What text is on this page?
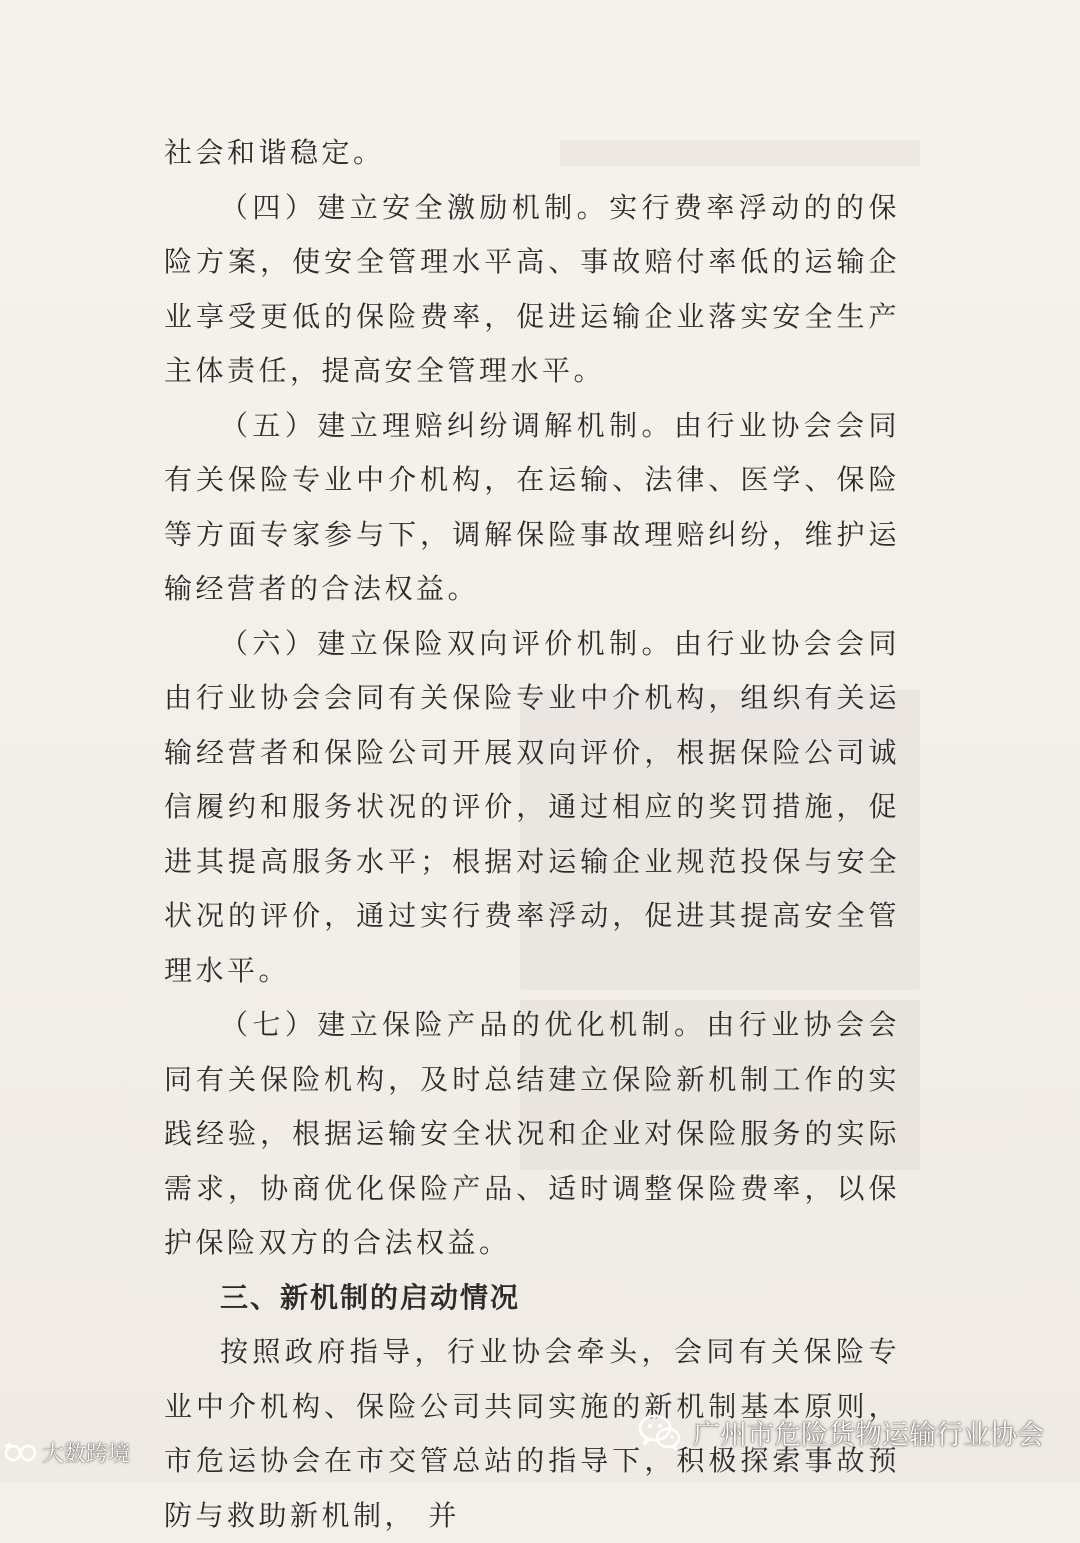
社会和谐稳定。

（四）建立安全激励机制。实行费率浮动的的保险方案，使安全管理水平高、事故赔付率低的运输企业享受更低的保险费率，促进运输企业落实安全生产主体责任，提高安全管理水平。

（五）建立理赔纠纷调解机制。由行业协会会同有关保险专业中介机构，在运输、法律、医学、保险等方面专家参与下，调解保险事故理赔纠纷，维护运输经营者的合法权益。

（六）建立保险双向评价机制。由行业协会会同由行业协会会同有关保险专业中介机构，组织有关运输经营者和保险公司开展双向评价，根据保险公司诚信履约和服务状况的评价，通过相应的奖罚措施，促进其提高服务水平；根据对运输企业规范投保与安全状况的评价，通过实行费率浮动，促进其提高安全管理水平。

（七）建立保险产品的优化机制。由行业协会会同有关保险机构，及时总结建立保险新机制工作的实践经验，根据运输安全状况和企业对保险服务的实际需求，协商优化保险产品、适时调整保险费率，以保护保险双方的合法权益。

三、新机制的启动情况

按照政府指导，行业协会牵头，会同有关保险专业中介机构、保险公司共同实施的新机制基本原则，市危运协会在市交管总站的指导下，积极探索事故预防与救助新机制， 并

大数跨境
广州市危险货物运输行业协会
